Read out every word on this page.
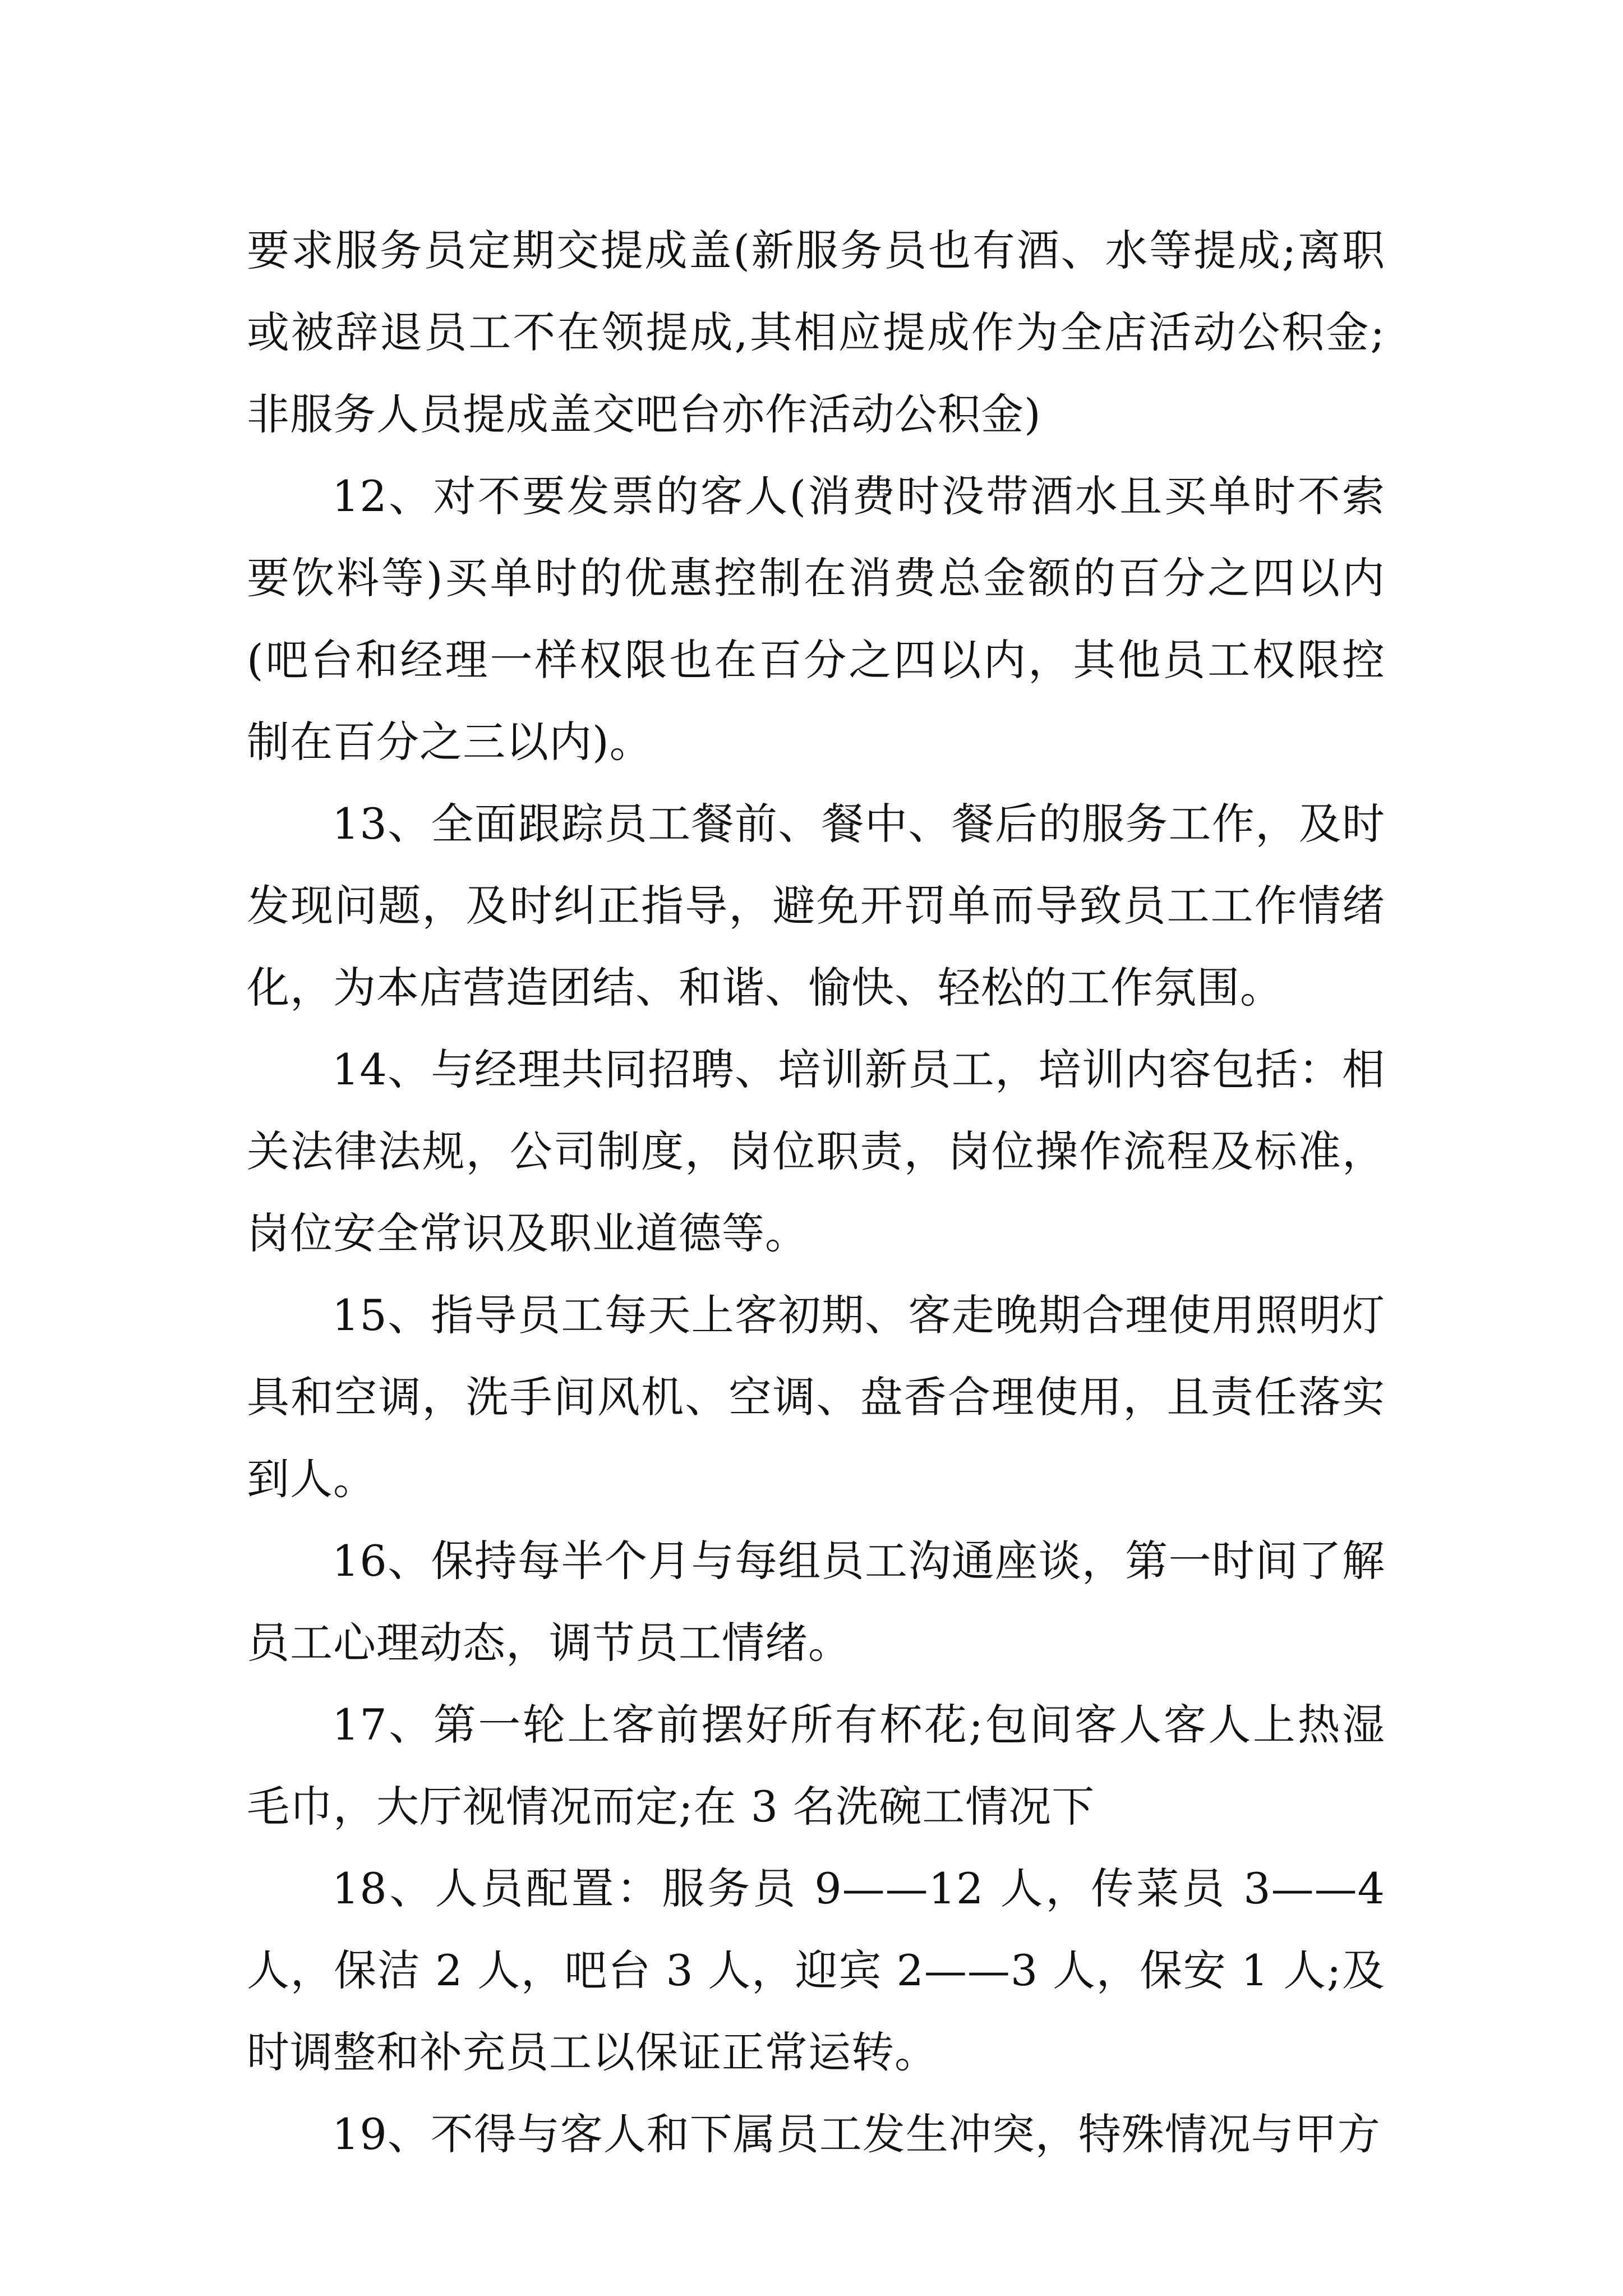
要求服务员定期交提成盖(新服务员也有酒、水等提成;离职或被辞退员工不在领提成,其相应提成作为全店活动公积金;非服务人员提成盖交吧台亦作活动公积金)

12、对不要发票的客人(消费时没带酒水且买单时不索要饮料等)买单时的优惠控制在消费总金额的百分之四以内(吧台和经理一样权限也在百分之四以内，其他员工权限控制在百分之三以内)。

13、全面跟踪员工餐前、餐中、餐后的服务工作，及时发现问题，及时纠正指导，避免开罚单而导致员工工作情绪化，为本店营造团结、和谐、愉快、轻松的工作氛围。

14、与经理共同招聘、培训新员工，培训内容包括：相关法律法规，公司制度，岗位职责，岗位操作流程及标准，岗位安全常识及职业道德等。

15、指导员工每天上客初期、客走晚期合理使用照明灯具和空调，洗手间风机、空调、盘香合理使用，且责任落实到人。

16、保持每半个月与每组员工沟通座谈，第一时间了解员工心理动态，调节员工情绪。

17、第一轮上客前摆好所有杯花;包间客人客人上热湿毛巾，大厅视情况而定;在 3 名洗碗工情况下

18、人员配置：服务员 9——12 人，传菜员 3——4 人，保洁 2 人，吧台 3 人，迎宾 2——3 人，保安 1 人;及时调整和补充员工以保证正常运转。

19、不得与客人和下属员工发生冲突，特殊情况与甲方
